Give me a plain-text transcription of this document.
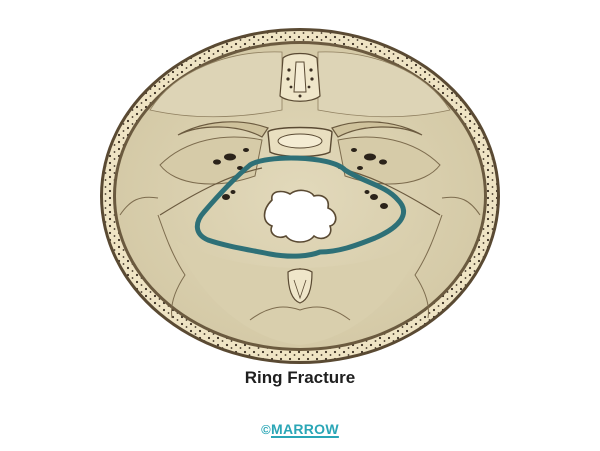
Ring Fracture
©MARROW
